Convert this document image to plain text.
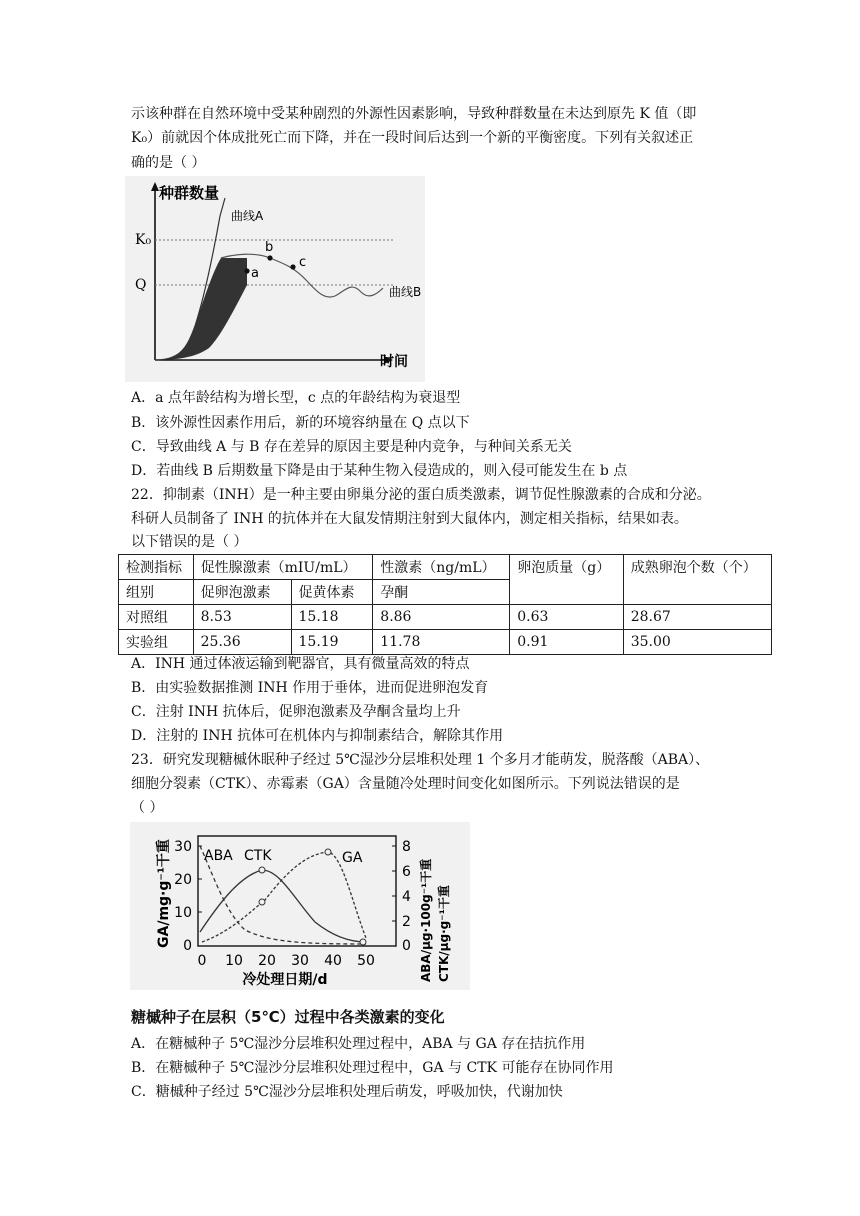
示该种群在自然环境中受某种剧烈的外源性因素影响，导致种群数量在未达到原先 K 值（即
K₀）前就因个体成批死亡而下降，并在一段时间后达到一个新的平衡密度。下列有关叙述正
确的是（ ）
种群数量
时间
K₀
Q
曲线A
曲线B
a
b
c
A．a 点年龄结构为增长型，c 点的年龄结构为衰退型
B．该外源性因素作用后，新的环境容纳量在 Q 点以下
C．导致曲线 A 与 B 存在差异的原因主要是种内竞争，与种间关系无关
D．若曲线 B 后期数量下降是由于某种生物入侵造成的，则入侵可能发生在 b 点
22．抑制素（INH）是一种主要由卵巢分泌的蛋白质类激素，调节促性腺激素的合成和分泌。
科研人员制备了 INH 的抗体并在大鼠发情期注射到大鼠体内，测定相关指标，结果如表。
以下错误的是（ ）
检测指标	促性腺激素（mIU/mL）		性激素（ng/mL）	卵泡质量（g）	成熟卵泡个数（个）
组别	促卵泡激素	促黄体素	孕酮		
对照组	8.53	15.18	8.86	0.63	28.67
实验组	25.36	15.19	11.78	0.91	35.00
A．INH 通过体液运输到靶器官，具有微量高效的特点
B．由实验数据推测 INH 作用于垂体，进而促进卵泡发育
C．注射 INH 抗体后，促卵泡激素及孕酮含量均上升
D．注射的 INH 抗体可在机体内与抑制素结合，解除其作用
23．研究发现糖槭休眠种子经过 5℃湿沙分层堆积处理 1 个多月才能萌发，脱落酸（ABA）、
细胞分裂素（CTK）、赤霉素（GA）含量随冷处理时间变化如图所示。下列说法错误的是
（ ）
30
20
10
0
8
6
4
2
0
0 10 20 30 40 50
冷处理日期/d
ABA CTK	GA
GA/mg·g⁻¹干重	ABA/μg·100g⁻¹干重 CTK/μg·g⁻¹干重
糖槭种子在层积（5℃）过程中各类激素的变化
A．在糖槭种子 5℃湿沙分层堆积处理过程中，ABA 与 GA 存在拮抗作用
B．在糖槭种子 5℃湿沙分层堆积处理过程中，GA 与 CTK 可能存在协同作用
C．糖槭种子经过 5℃湿沙分层堆积处理后萌发，呼吸加快，代谢加快
